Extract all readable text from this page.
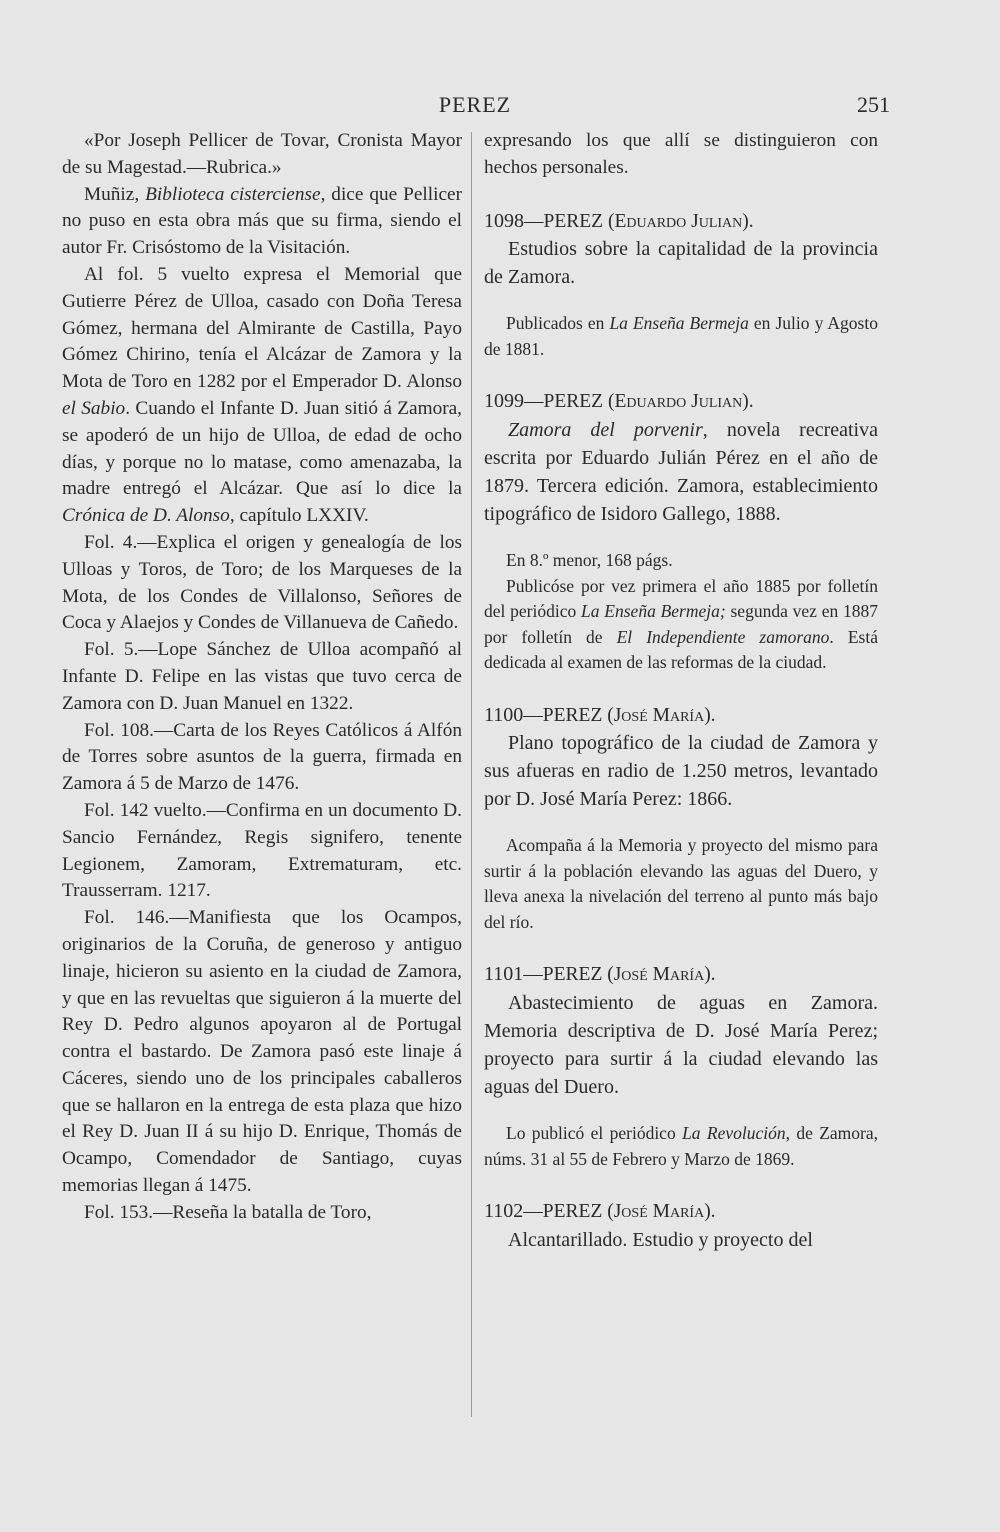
PEREZ	251

«Por Joseph Pellicer de Tovar, Cronista Mayor de su Magestad.—Rubrica.»

Muñiz, Biblioteca cisterciense, dice que Pellicer no puso en esta obra más que su firma, siendo el autor Fr. Crisóstomo de la Visitación.

Al fol. 5 vuelto expresa el Memorial que Gutierre Pérez de Ulloa, casado con Doña Teresa Gómez, hermana del Almirante de Castilla, Payo Gómez Chirino, tenía el Alcázar de Zamora y la Mota de Toro en 1282 por el Emperador D. Alonso el Sabio. Cuando el Infante D. Juan sitió á Zamora, se apoderó de un hijo de Ulloa, de edad de ocho días, y porque no lo matase, como amenazaba, la madre entregó el Alcázar. Que así lo dice la Crónica de D. Alonso, capítulo LXXIV.

Fol. 4.—Explica el origen y genealogía de los Ulloas y Toros, de Toro; de los Marqueses de la Mota, de los Condes de Villalonso, Señores de Coca y Alaejos y Condes de Villanueva de Cañedo.

Fol. 5.—Lope Sánchez de Ulloa acompañó al Infante D. Felipe en las vistas que tuvo cerca de Zamora con D. Juan Manuel en 1322.

Fol. 108.—Carta de los Reyes Católicos á Alfón de Torres sobre asuntos de la guerra, firmada en Zamora á 5 de Marzo de 1476.

Fol. 142 vuelto.—Confirma en un documento D. Sancio Fernández, Regis signifero, tenente Legionem, Zamoram, Extrematuram, etc. Trausserram. 1217.

Fol. 146.—Manifiesta que los Ocampos, originarios de la Coruña, de generoso y antiguo linaje, hicieron su asiento en la ciudad de Zamora, y que en las revueltas que siguieron á la muerte del Rey D. Pedro algunos apoyaron al de Portugal contra el bastardo. De Zamora pasó este linaje á Cáceres, siendo uno de los principales caballeros que se hallaron en la entrega de esta plaza que hizo el Rey D. Juan II á su hijo D. Enrique, Thomás de Ocampo, Comendador de Santiago, cuyas memorias llegan á 1475.

Fol. 153.—Reseña la batalla de Toro,

expresando los que allí se distinguieron con hechos personales.

1098—PEREZ (Eduardo Julian).

Estudios sobre la capitalidad de la provincia de Zamora.

Publicados en La Enseña Bermeja en Julio y Agosto de 1881.

1099—PEREZ (Eduardo Julian).

Zamora del porvenir, novela recreativa escrita por Eduardo Julián Pérez en el año de 1879. Tercera edición. Zamora, establecimiento tipográfico de Isidoro Gallego, 1888.

En 8.º menor, 168 págs.

Publicóse por vez primera el año 1885 por folletín del periódico La Enseña Bermeja; segunda vez en 1887 por folletín de El Independiente zamorano. Está dedicada al examen de las reformas de la ciudad.

1100—PEREZ (José María).

Plano topográfico de la ciudad de Zamora y sus afueras en radio de 1.250 metros, levantado por D. José María Perez: 1866.

Acompaña á la Memoria y proyecto del mismo para surtir á la población elevando las aguas del Duero, y lleva anexa la nivelación del terreno al punto más bajo del río.

1101—PEREZ (José María).

Abastecimiento de aguas en Zamora. Memoria descriptiva de D. José María Perez; proyecto para surtir á la ciudad elevando las aguas del Duero.

Lo publicó el periódico La Revolución, de Zamora, núms. 31 al 55 de Febrero y Marzo de 1869.

1102—PEREZ (José María).

Alcantarillado. Estudio y proyecto del
